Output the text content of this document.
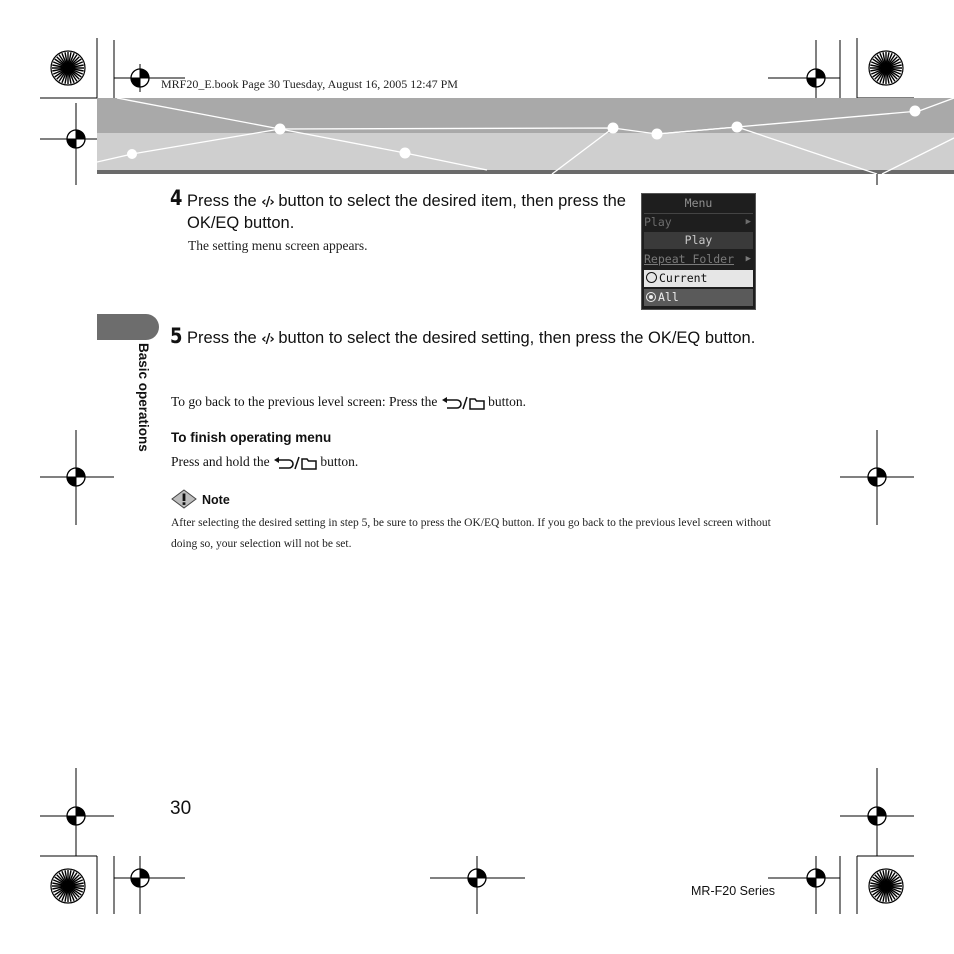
MRF20_E.book Page 30 Tuesday, August 16, 2005 12:47 PM
4 Press the ‹/› button to select the desired item, then press the OK/EQ button.
The setting menu screen appears.
Menu
Play	▶
Play
Repeat Folder ▶
Current
All
Basic operations
5 Press the ‹/› button to select the desired setting, then press the OK/EQ button.
To go back to the previous level screen: Press the	button.
To finish operating menu
Press and hold the	button.
Note
After selecting the desired setting in step 5, be sure to press the OK/EQ button. If you go back to the previous level screen without doing so, your selection will not be set.
30
MR-F20 Series
